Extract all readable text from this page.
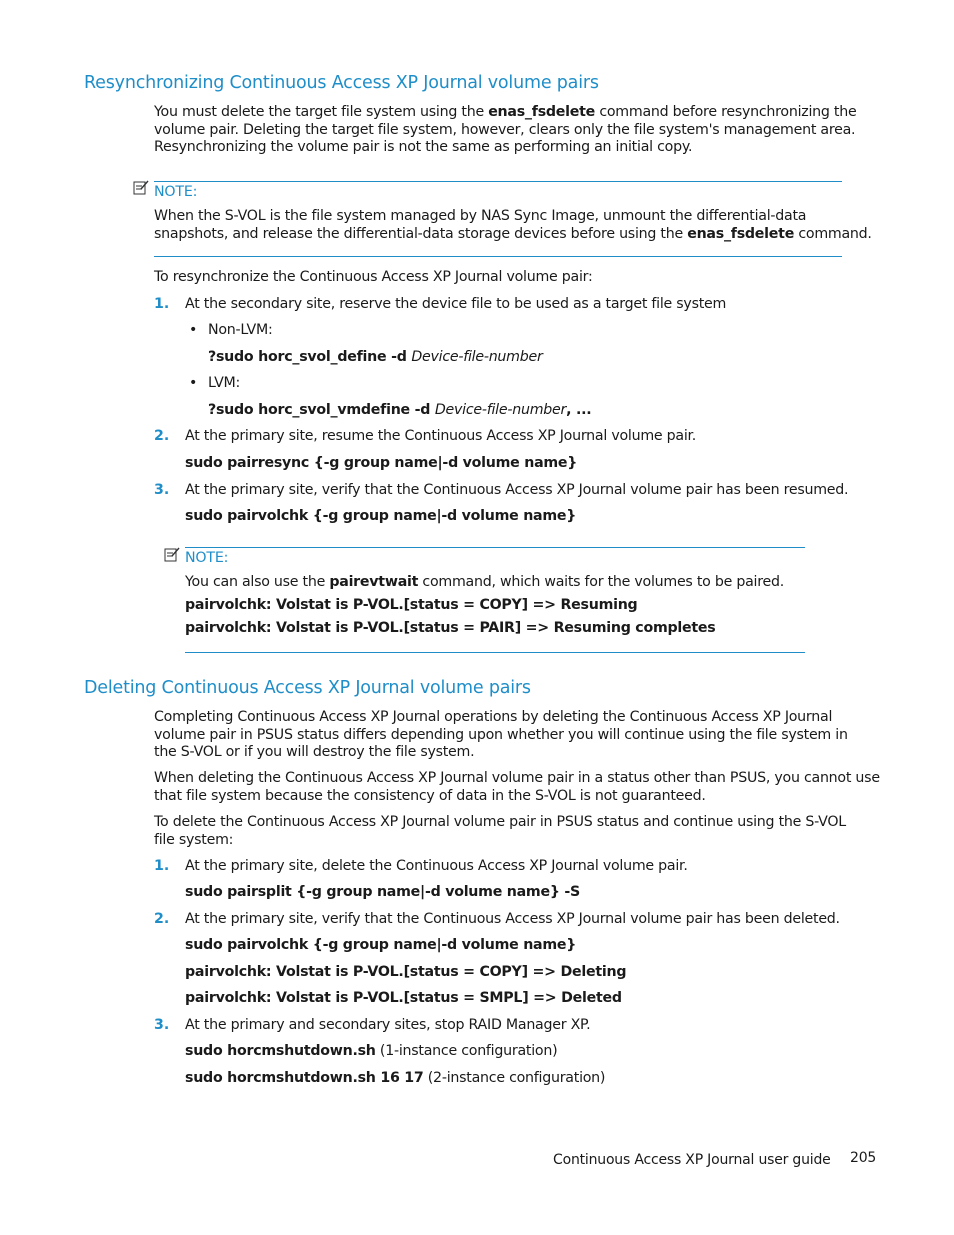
Resynchronizing Continuous Access XP Journal volume pairs
You must delete the target file system using the enas_fsdelete command before resynchronizing the
volume pair. Deleting the target file system, however, clears only the file system's management area.
Resynchronizing the volume pair is not the same as performing an initial copy.
NOTE:
When the S-VOL is the file system managed by NAS Sync Image, unmount the differential-data
snapshots, and release the differential-data storage devices before using the enas_fsdelete command.
To resynchronize the Continuous Access XP Journal volume pair:
1. At the secondary site, reserve the device file to be used as a target file system
• Non-LVM:
?sudo horc_svol_define -d Device-file-number
• LVM:
?sudo horc_svol_vmdefine -d Device-file-number, ...
2. At the primary site, resume the Continuous Access XP Journal volume pair.
sudo pairresync {-g group name|-d volume name}
3. At the primary site, verify that the Continuous Access XP Journal volume pair has been resumed.
sudo pairvolchk {-g group name|-d volume name}
NOTE:
You can also use the pairevtwait command, which waits for the volumes to be paired.
pairvolchk: Volstat is P-VOL.[status = COPY] => Resuming
pairvolchk: Volstat is P-VOL.[status = PAIR] => Resuming completes
Deleting Continuous Access XP Journal volume pairs
Completing Continuous Access XP Journal operations by deleting the Continuous Access XP Journal
volume pair in PSUS status differs depending upon whether you will continue using the file system in
the S-VOL or if you will destroy the file system.
When deleting the Continuous Access XP Journal volume pair in a status other than PSUS, you cannot use
that file system because the consistency of data in the S-VOL is not guaranteed.
To delete the Continuous Access XP Journal volume pair in PSUS status and continue using the S-VOL
file system:
1. At the primary site, delete the Continuous Access XP Journal volume pair.
sudo pairsplit {-g group name|-d volume name} -S
2. At the primary site, verify that the Continuous Access XP Journal volume pair has been deleted.
sudo pairvolchk {-g group name|-d volume name}
pairvolchk: Volstat is P-VOL.[status = COPY] => Deleting
pairvolchk: Volstat is P-VOL.[status = SMPL] => Deleted
3. At the primary and secondary sites, stop RAID Manager XP.
sudo horcmshutdown.sh (1-instance configuration)
sudo horcmshutdown.sh 16 17 (2-instance configuration)
Continuous Access XP Journal user guide 205
